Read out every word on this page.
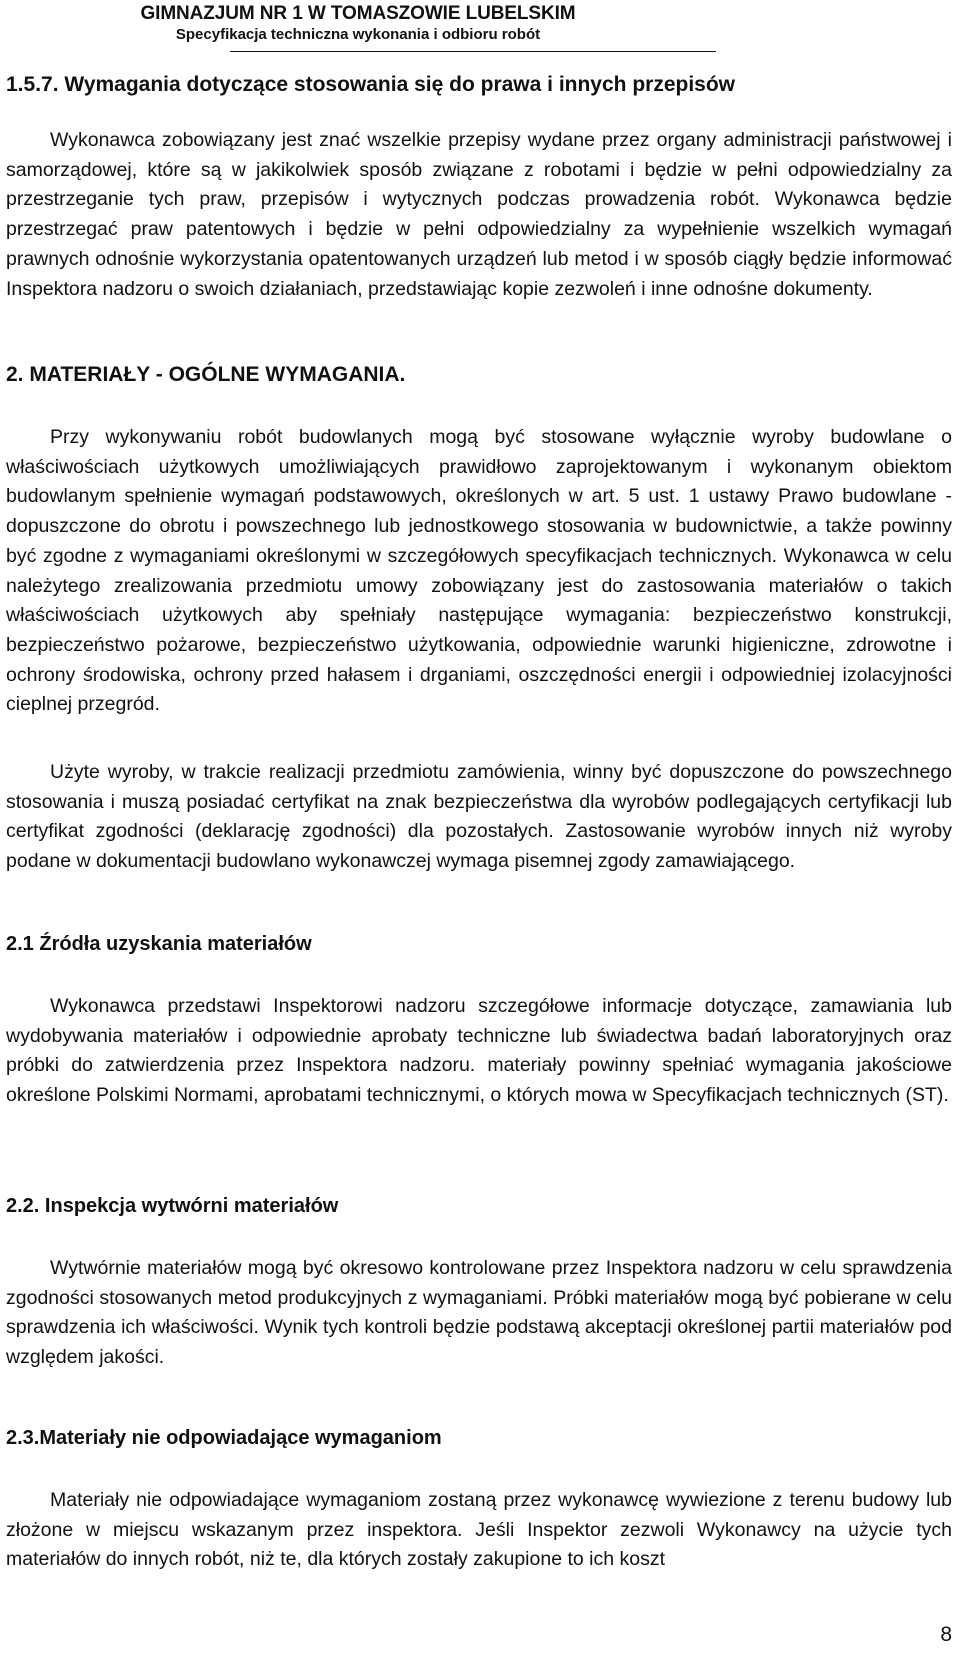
GIMNAZJUM NR 1 W TOMASZOWIE LUBELSKIM
Specyfikacja techniczna wykonania i odbioru robót
1.5.7. Wymagania dotyczące stosowania się do prawa i innych przepisów

Wykonawca zobowiązany jest znać wszelkie przepisy wydane przez organy administracji państwowej i samorządowej, które są w jakikolwiek sposób związane z robotami i będzie w pełni odpowiedzialny za przestrzeganie tych praw, przepisów i wytycznych podczas prowadzenia robót. Wykonawca będzie przestrzegać praw patentowych i będzie w pełni odpowiedzialny za wypełnienie wszelkich wymagań prawnych odnośnie wykorzystania opatentowanych urządzeń lub metod i w sposób ciągły będzie informować Inspektora nadzoru o swoich działaniach, przedstawiając kopie zezwoleń i inne odnośne dokumenty.

2. MATERIAŁY - OGÓLNE WYMAGANIA.

Przy wykonywaniu robót budowlanych mogą być stosowane wyłącznie wyroby budowlane o właściwościach użytkowych umożliwiających prawidłowo zaprojektowanym i wykonanym obiektom budowlanym spełnienie wymagań podstawowych, określonych w art. 5 ust. 1 ustawy Prawo budowlane - dopuszczone do obrotu i powszechnego lub jednostkowego stosowania w budownictwie, a także powinny być zgodne z wymaganiami określonymi w szczegółowych specyfikacjach technicznych. Wykonawca w celu należytego zrealizowania przedmiotu umowy zobowiązany jest do zastosowania materiałów o takich właściwościach użytkowych aby spełniały następujące wymagania: bezpieczeństwo konstrukcji, bezpieczeństwo pożarowe, bezpieczeństwo użytkowania, odpowiednie warunki higieniczne, zdrowotne i ochrony środowiska, ochrony przed hałasem i drganiami, oszczędności energii i odpowiedniej izolacyjności cieplnej przegród.

Użyte wyroby, w trakcie realizacji przedmiotu zamówienia, winny być dopuszczone do powszechnego stosowania i muszą posiadać certyfikat na znak bezpieczeństwa dla wyrobów podlegających certyfikacji lub certyfikat zgodności (deklarację zgodności) dla pozostałych. Zastosowanie wyrobów innych niż wyroby podane w dokumentacji budowlano wykonawczej wymaga pisemnej zgody zamawiającego.

2.1 Źródła uzyskania materiałów

Wykonawca przedstawi Inspektorowi nadzoru szczegółowe informacje dotyczące, zamawiania lub wydobywania materiałów i odpowiednie aprobaty techniczne lub świadectwa badań laboratoryjnych oraz próbki do zatwierdzenia przez Inspektora nadzoru. materiały powinny spełniać wymagania jakościowe określone Polskimi Normami, aprobatami technicznymi, o których mowa w Specyfikacjach technicznych (ST).

2.2. Inspekcja wytwórni materiałów

Wytwórnie materiałów mogą być okresowo kontrolowane przez Inspektora nadzoru w celu sprawdzenia zgodności stosowanych metod produkcyjnych z wymaganiami. Próbki materiałów mogą być pobierane w celu sprawdzenia ich właściwości. Wynik tych kontroli będzie podstawą akceptacji określonej partii materiałów pod względem jakości.

2.3.Materiały nie odpowiadające wymaganiom

Materiały nie odpowiadające wymaganiom zostaną przez wykonawcę wywiezione z terenu budowy lub złożone w miejscu wskazanym przez inspektora. Jeśli Inspektor zezwoli Wykonawcy na użycie tych materiałów do innych robót, niż te, dla których zostały zakupione to ich koszt

8
